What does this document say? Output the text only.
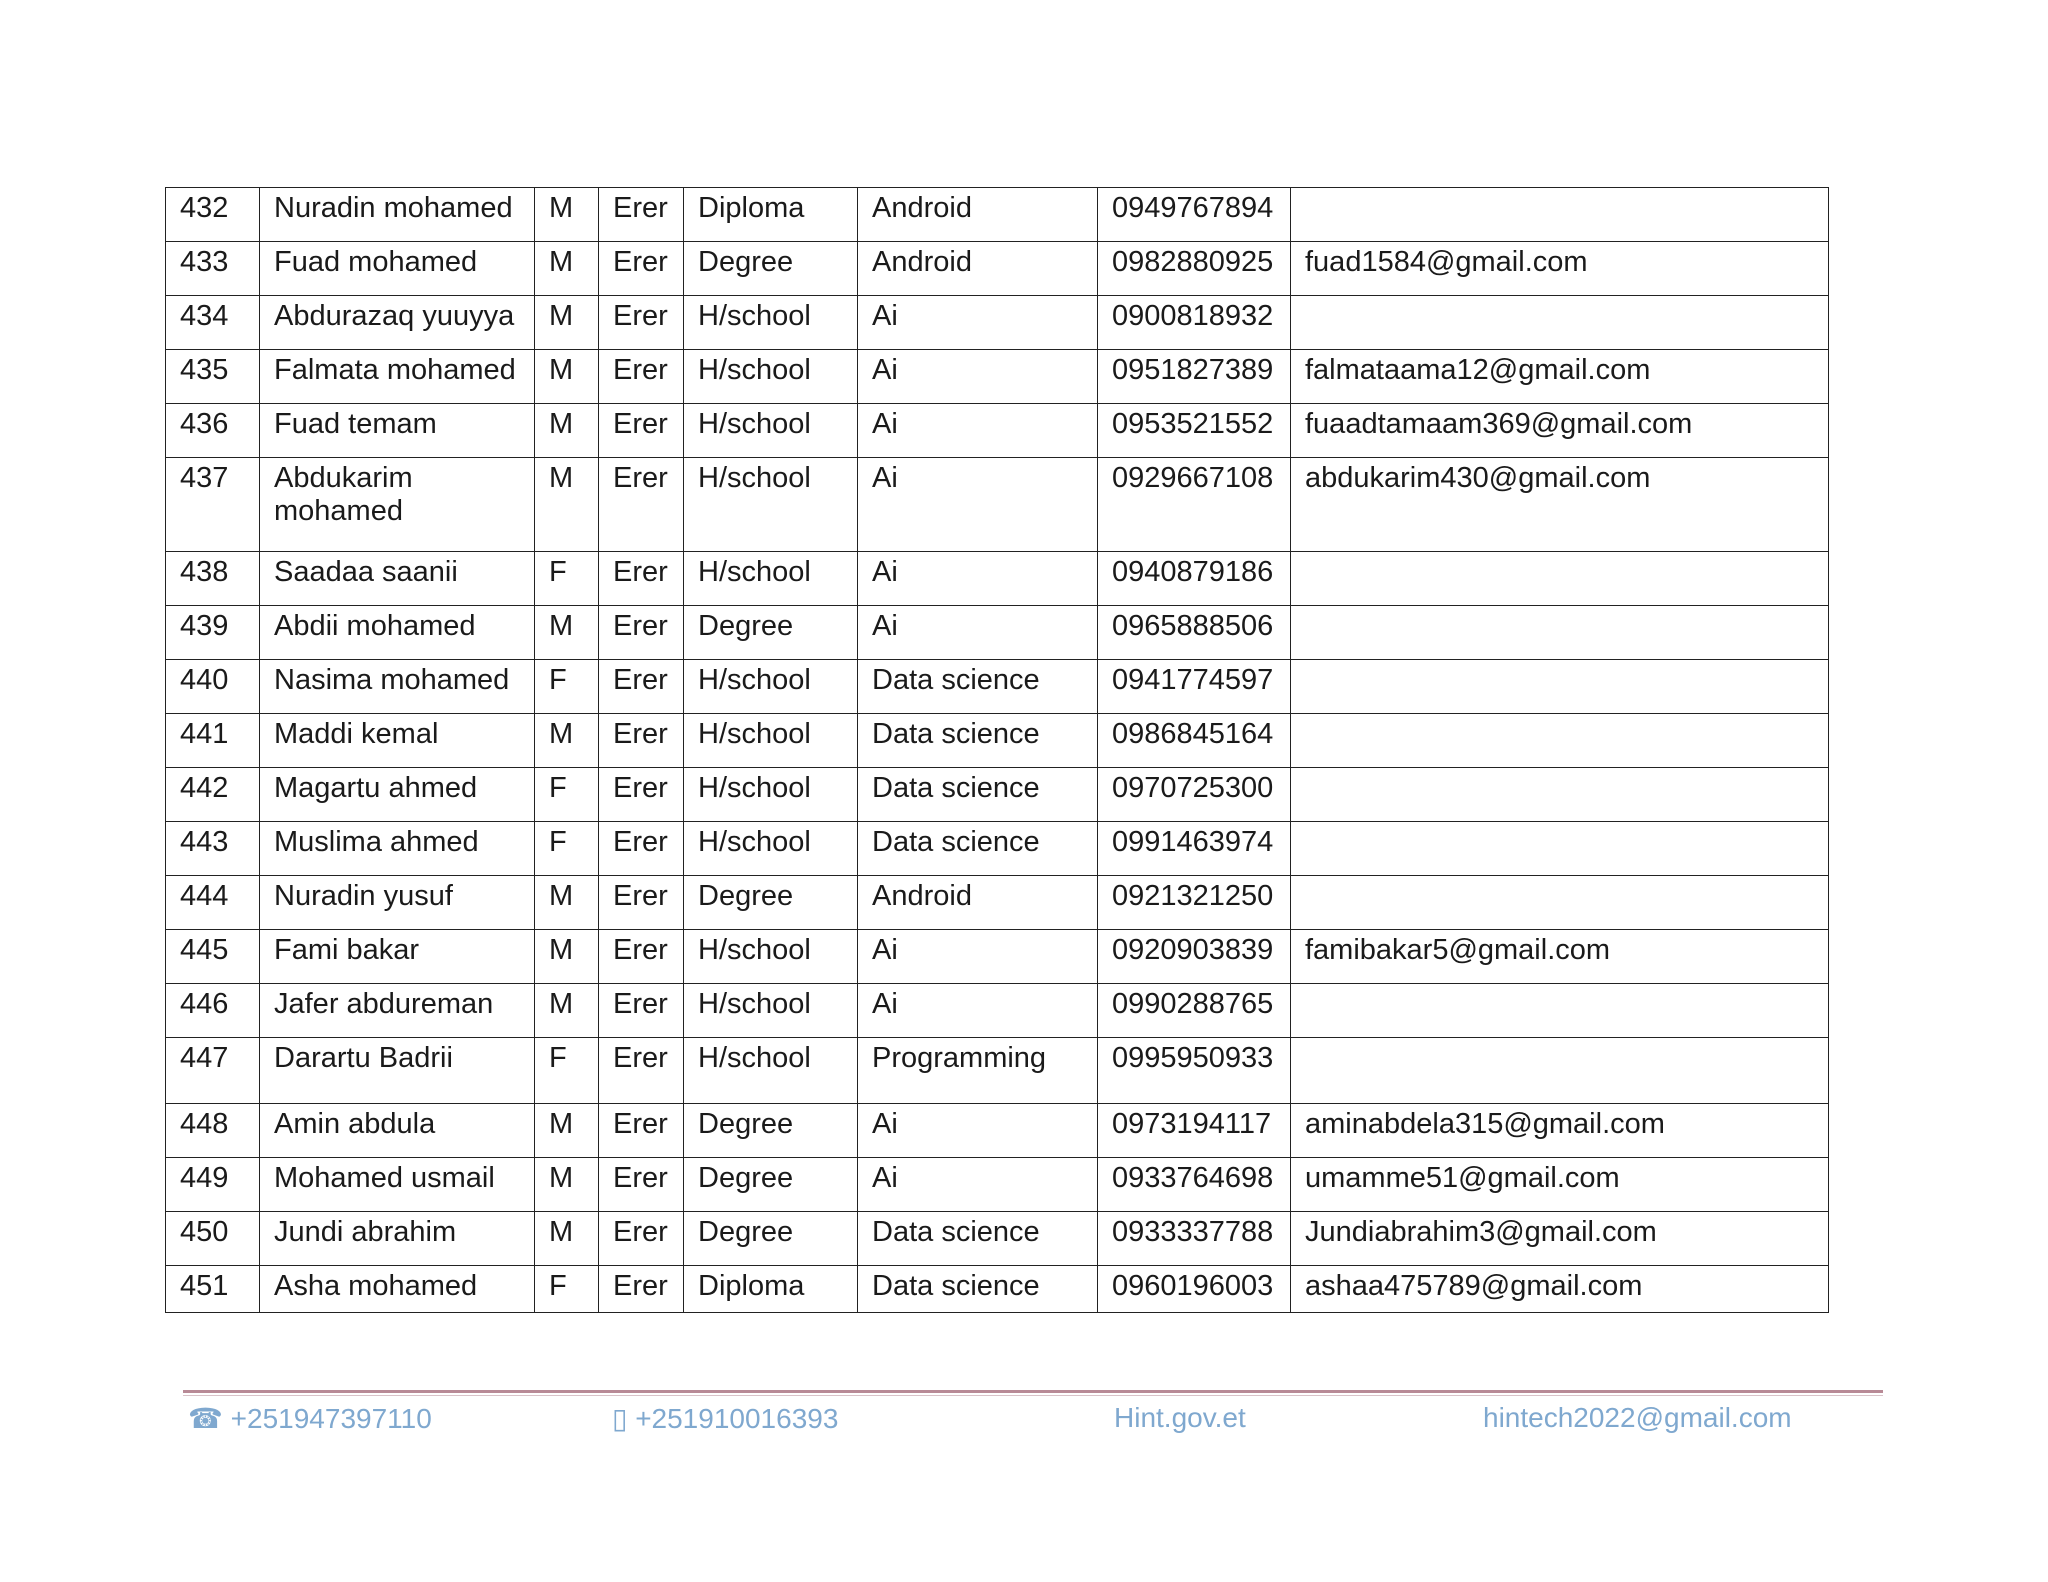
432	Nuradin mohamed	M	Erer	Diploma	Android	0949767894	
433	Fuad mohamed	M	Erer	Degree	Android	0982880925	fuad1584@gmail.com
434	Abdurazaq yuuyya	M	Erer	H/school	Ai	0900818932	
435	Falmata mohamed	M	Erer	H/school	Ai	0951827389	falmataama12@gmail.com
436	Fuad temam	M	Erer	H/school	Ai	0953521552	fuaadtamaam369@gmail.com
437	Abdukarim mohamed	M	Erer	H/school	Ai	0929667108	abdukarim430@gmail.com
438	Saadaa saanii	F	Erer	H/school	Ai	0940879186	
439	Abdii mohamed	M	Erer	Degree	Ai	0965888506	
440	Nasima mohamed	F	Erer	H/school	Data science	0941774597	
441	Maddi kemal	M	Erer	H/school	Data science	0986845164	
442	Magartu ahmed	F	Erer	H/school	Data science	0970725300	
443	Muslima ahmed	F	Erer	H/school	Data science	0991463974	
444	Nuradin yusuf	M	Erer	Degree	Android	0921321250	
445	Fami bakar	M	Erer	H/school	Ai	0920903839	famibakar5@gmail.com
446	Jafer abdureman	M	Erer	H/school	Ai	0990288765	
447	Darartu Badrii	F	Erer	H/school	Programming	0995950933	
448	Amin abdula	M	Erer	Degree	Ai	0973194117	aminabdela315@gmail.com
449	Mohamed usmail	M	Erer	Degree	Ai	0933764698	umamme51@gmail.com
450	Jundi abrahim	M	Erer	Degree	Data science	0933337788	Jundiabrahim3@gmail.com
451	Asha mohamed	F	Erer	Diploma	Data science	0960196003	ashaa475789@gmail.com
☎ +251947397110	▯ +251910016393	Hint.gov.et	hintech2022@gmail.com
